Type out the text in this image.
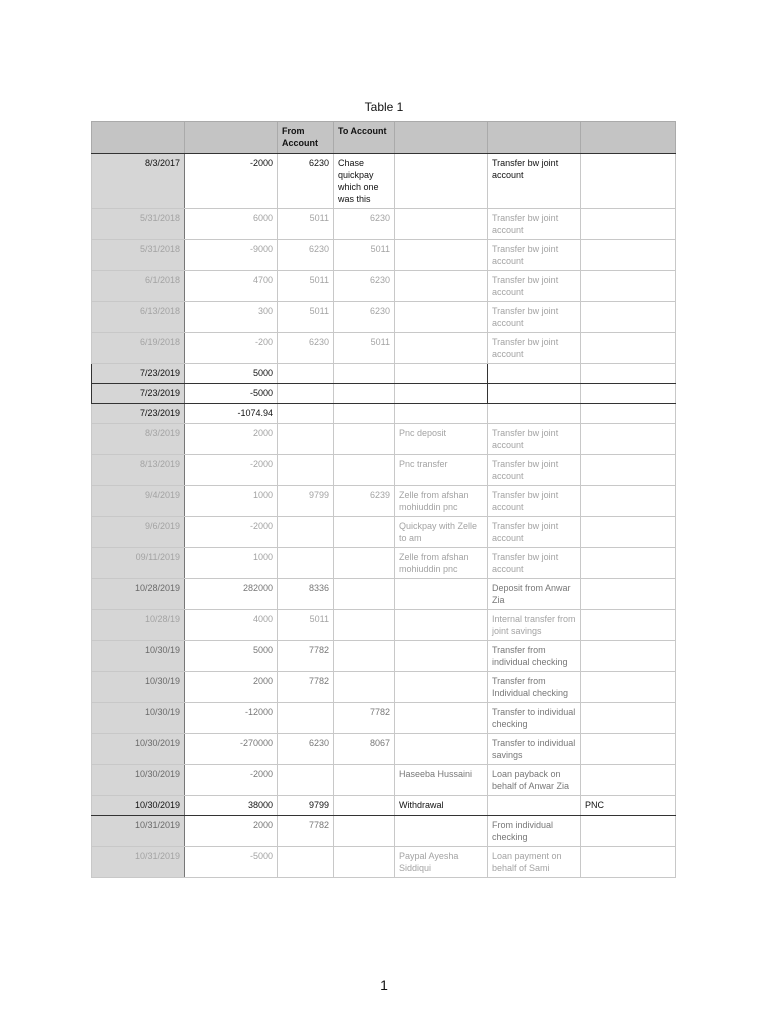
Table 1
		From Account	To Account			
8/3/2017	-2000	6230	Chase quickpay which one was this		Transfer bw joint account	
5/31/2018	6000	5011	6230		Transfer bw joint account	
5/31/2018	-9000	6230	5011		Transfer bw joint account	
6/1/2018	4700	5011	6230		Transfer bw joint account	
6/13/2018	300	5011	6230		Transfer bw joint account	
6/19/2018	-200	6230	5011		Transfer bw joint account	
7/23/2019	5000					
7/23/2019	-5000					
7/23/2019	-1074.94					
8/3/2019	2000			Pnc deposit	Transfer bw joint account	
8/13/2019	-2000			Pnc transfer	Transfer bw joint account	
9/4/2019	1000	9799	6239	Zelle from afshan mohiuddin pnc	Transfer bw joint account	
9/6/2019	-2000			Quickpay with Zelle to am	Transfer bw joint account	
09/11/2019	1000			Zelle from afshan mohiuddin pnc	Transfer bw joint account	
10/28/2019	282000	8336			Deposit from Anwar Zia	
10/28/19	4000	5011			Internal transfer from joint savings	
10/30/19	5000	7782			Transfer from individual checking	
10/30/19	2000	7782			Transfer from Individual checking	
10/30/19	-12000		7782		Transfer to individual checking	
10/30/2019	-270000	6230	8067		Transfer to individual savings	
10/30/2019	-2000			Haseeba Hussaini	Loan payback on behalf of Anwar Zia	
10/30/2019	38000	9799		Withdrawal		PNC
10/31/2019	2000	7782			From individual checking	
10/31/2019	-5000			Paypal Ayesha Siddiqui	Loan payment on behalf of Sami	
1
